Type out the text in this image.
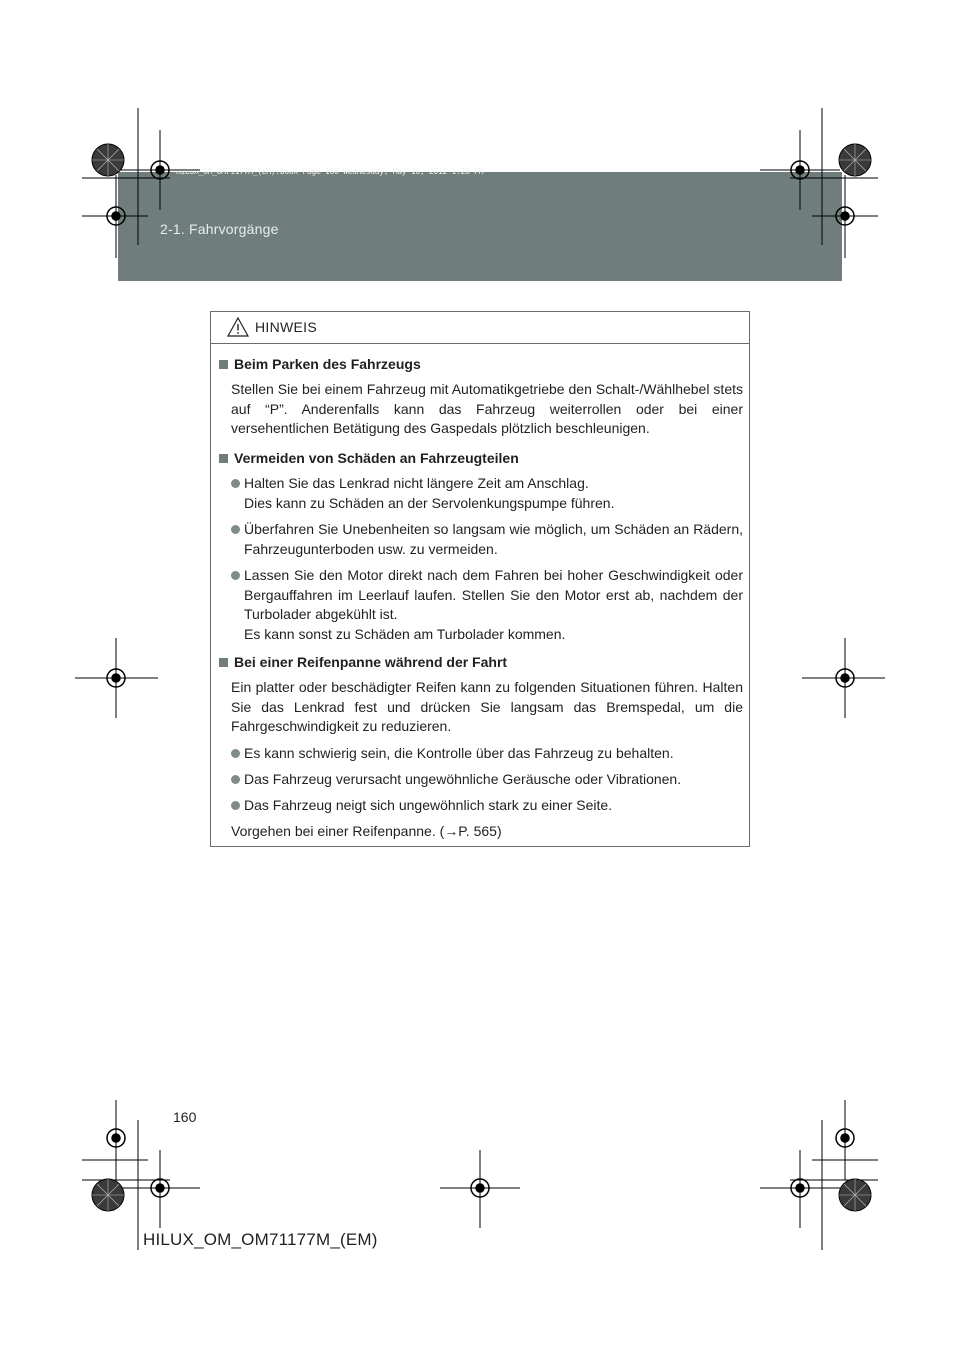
2-1. Fahrvorgänge
HILUX_OM_OM71177M_(EM).book Page 160 Wednesday, May 16, 2012 1:28 PM
HINWEIS
Beim Parken des Fahrzeugs
Stellen Sie bei einem Fahrzeug mit Automatikgetriebe den Schalt-/Wählhebel stets auf “P”. Anderenfalls kann das Fahrzeug weiterrollen oder bei einer versehentlichen Betätigung des Gaspedals plötzlich beschleunigen.
Vermeiden von Schäden an Fahrzeugteilen
Halten Sie das Lenkrad nicht längere Zeit am Anschlag.
Dies kann zu Schäden an der Servolenkungspumpe führen.
Überfahren Sie Unebenheiten so langsam wie möglich, um Schäden an Rädern, Fahrzeugunterboden usw. zu vermeiden.
Lassen Sie den Motor direkt nach dem Fahren bei hoher Geschwindigkeit oder Bergauffahren im Leerlauf laufen. Stellen Sie den Motor erst ab, nachdem der Turbolader abgekühlt ist.
Es kann sonst zu Schäden am Turbolader kommen.
Bei einer Reifenpanne während der Fahrt
Ein platter oder beschädigter Reifen kann zu folgenden Situationen führen. Halten Sie das Lenkrad fest und drücken Sie langsam das Bremspedal, um die Fahrgeschwindigkeit zu reduzieren.
Es kann schwierig sein, die Kontrolle über das Fahrzeug zu behalten.
Das Fahrzeug verursacht ungewöhnliche Geräusche oder Vibrationen.
Das Fahrzeug neigt sich ungewöhnlich stark zu einer Seite.
Vorgehen bei einer Reifenpanne. (→P. 565)
160
HILUX_OM_OM71177M_(EM)
